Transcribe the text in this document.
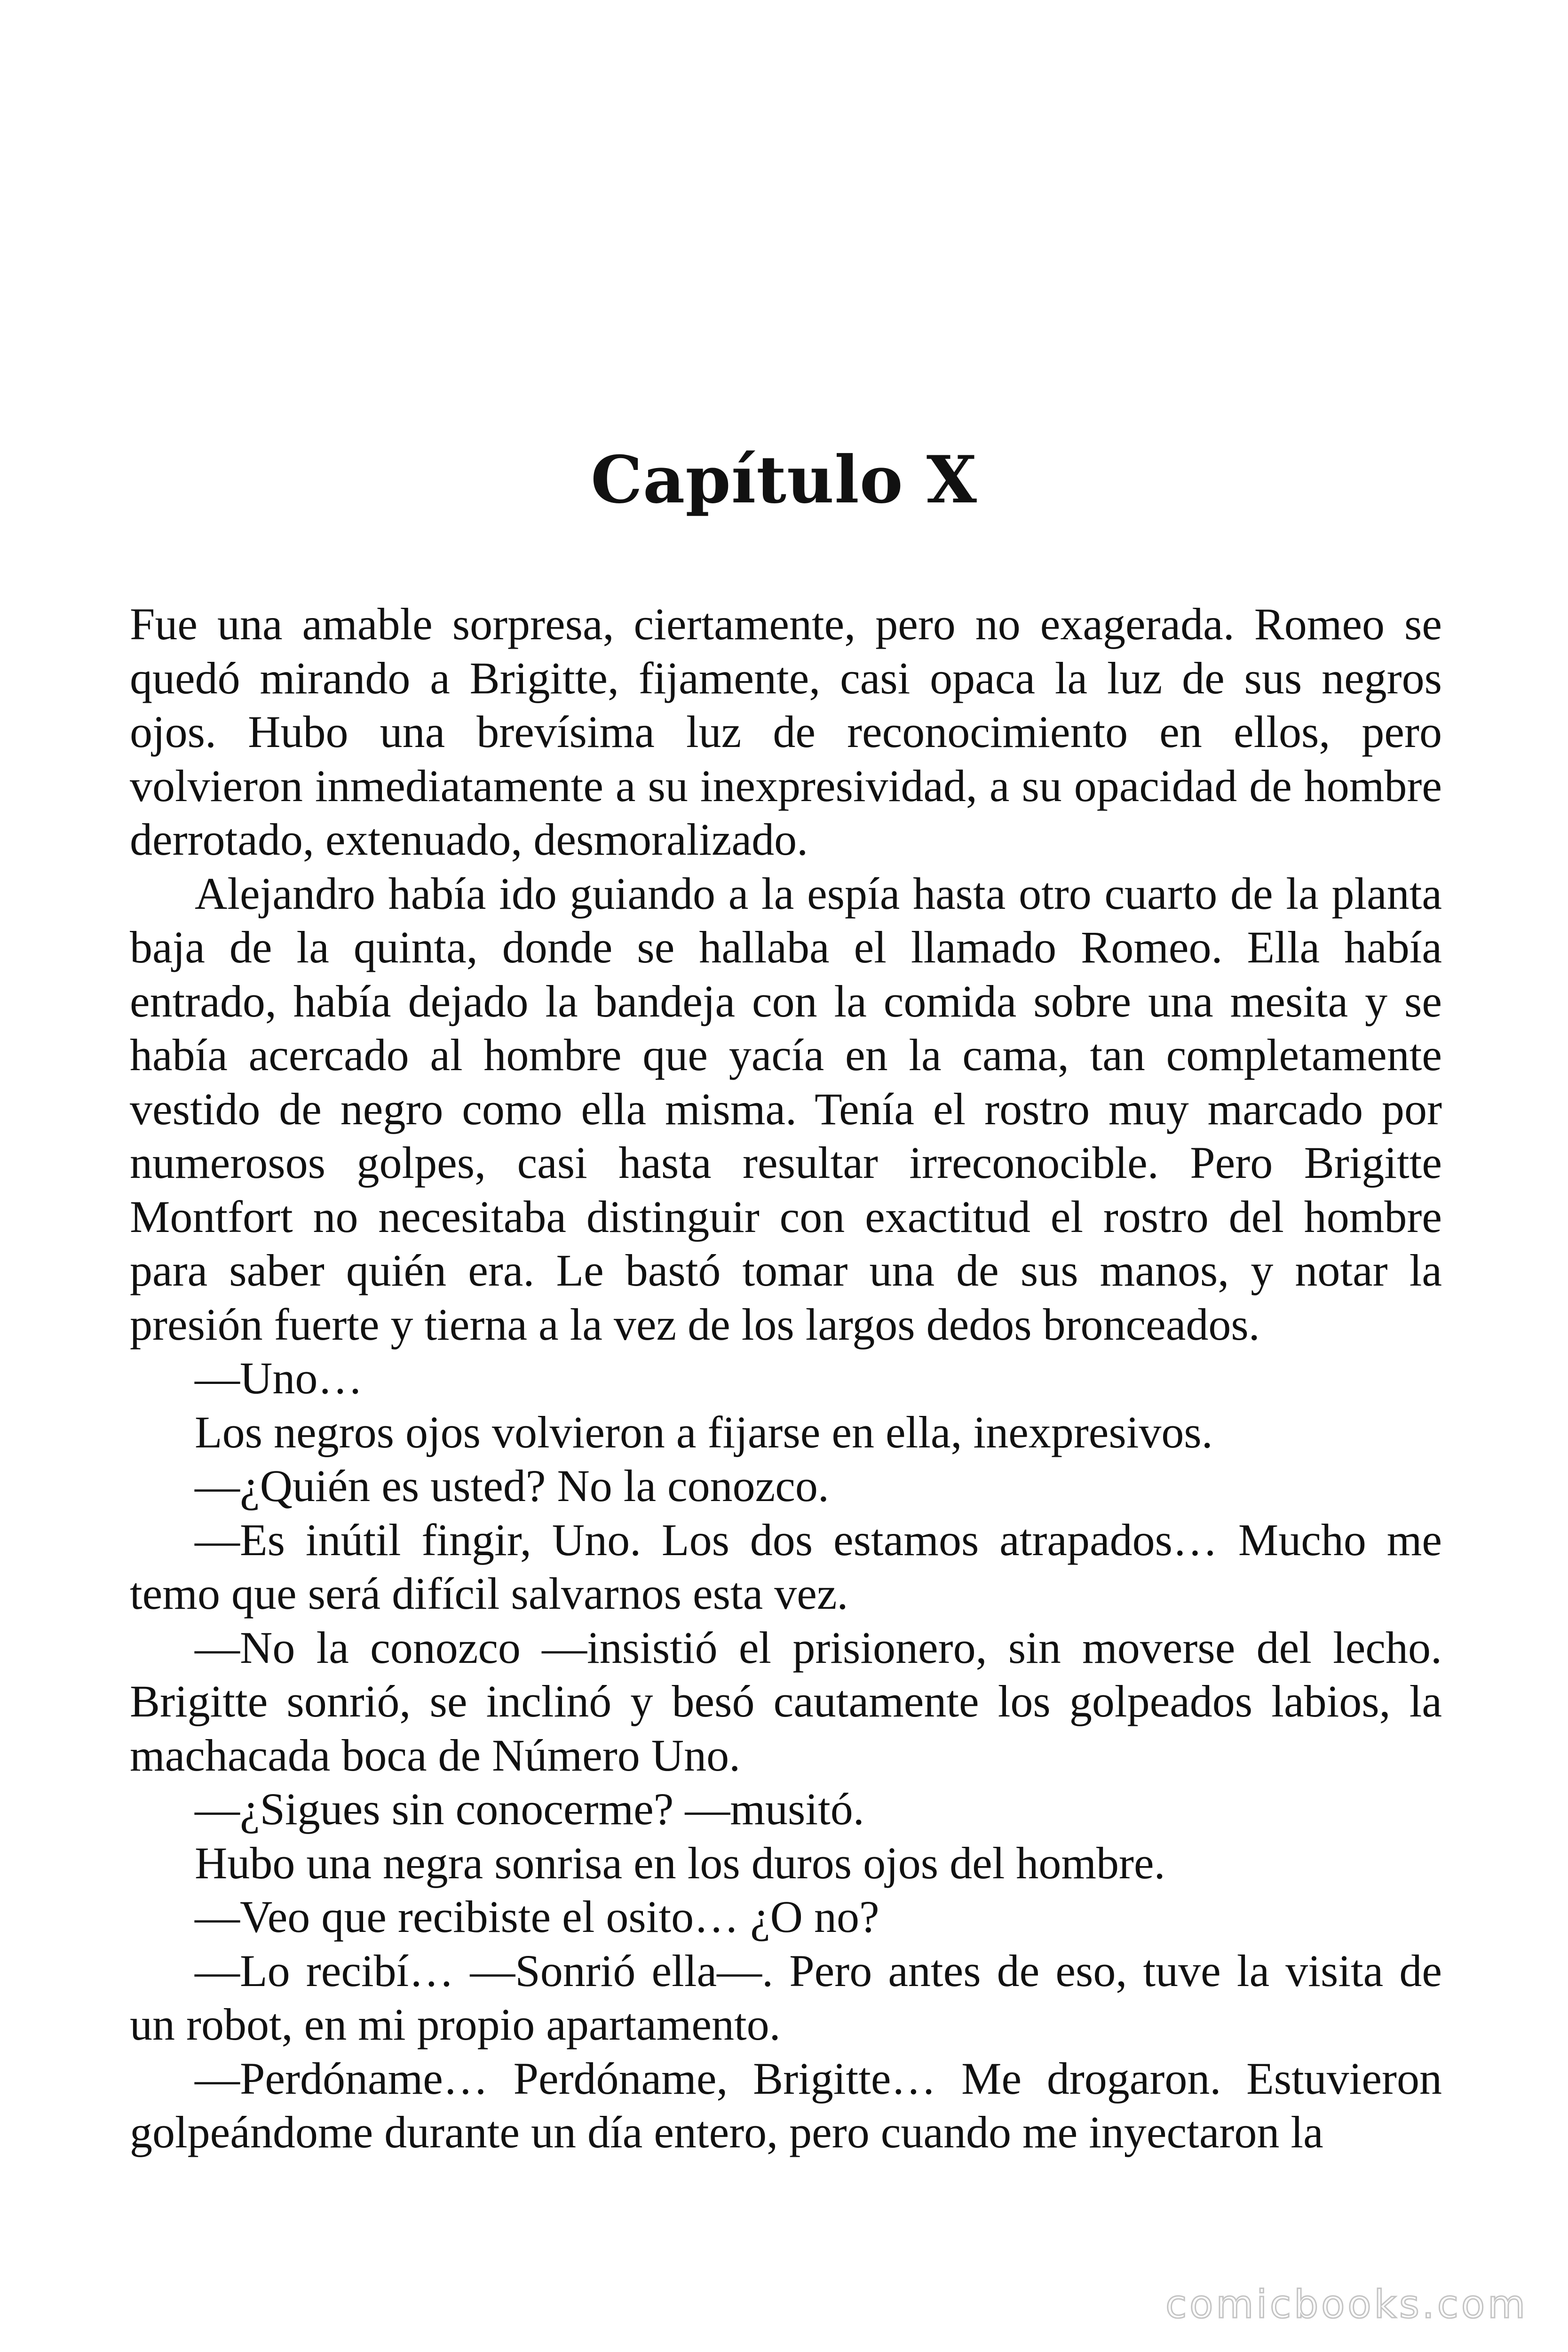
Capítulo X

Fue una amable sorpresa, ciertamente, pero no exagerada. Romeo se quedó mirando a Brigitte, fijamente, casi opaca la luz de sus negros ojos. Hubo una brevísima luz de reconocimiento en ellos, pero volvieron inmediatamente a su inexpresividad, a su opacidad de hombre derrotado, extenuado, desmoralizado.

Alejandro había ido guiando a la espía hasta otro cuarto de la planta baja de la quinta, donde se hallaba el llamado Romeo. Ella había entrado, había dejado la bandeja con la comida sobre una mesita y se había acercado al hombre que yacía en la cama, tan completamente vestido de negro como ella misma. Tenía el rostro muy marcado por numerosos golpes, casi hasta resultar irreconocible. Pero Brigitte Montfort no necesitaba distinguir con exactitud el rostro del hombre para saber quién era. Le bastó tomar una de sus manos, y notar la presión fuerte y tierna a la vez de los largos dedos bronceados.

—Uno…

Los negros ojos volvieron a fijarse en ella, inexpresivos.

—¿Quién es usted? No la conozco.

—Es inútil fingir, Uno. Los dos estamos atrapados… Mucho me temo que será difícil salvarnos esta vez.

—No la conozco —insistió el prisionero, sin moverse del lecho. Brigitte sonrió, se inclinó y besó cautamente los golpeados labios, la machacada boca de Número Uno.

—¿Sigues sin conocerme? —musitó.

Hubo una negra sonrisa en los duros ojos del hombre.

—Veo que recibiste el osito… ¿O no?

—Lo recibí… —Sonrió ella—. Pero antes de eso, tuve la visita de un robot, en mi propio apartamento.

—Perdóname… Perdóname, Brigitte… Me drogaron. Estuvieron golpeándome durante un día entero, pero cuando me inyectaron la

comicbooks.com
